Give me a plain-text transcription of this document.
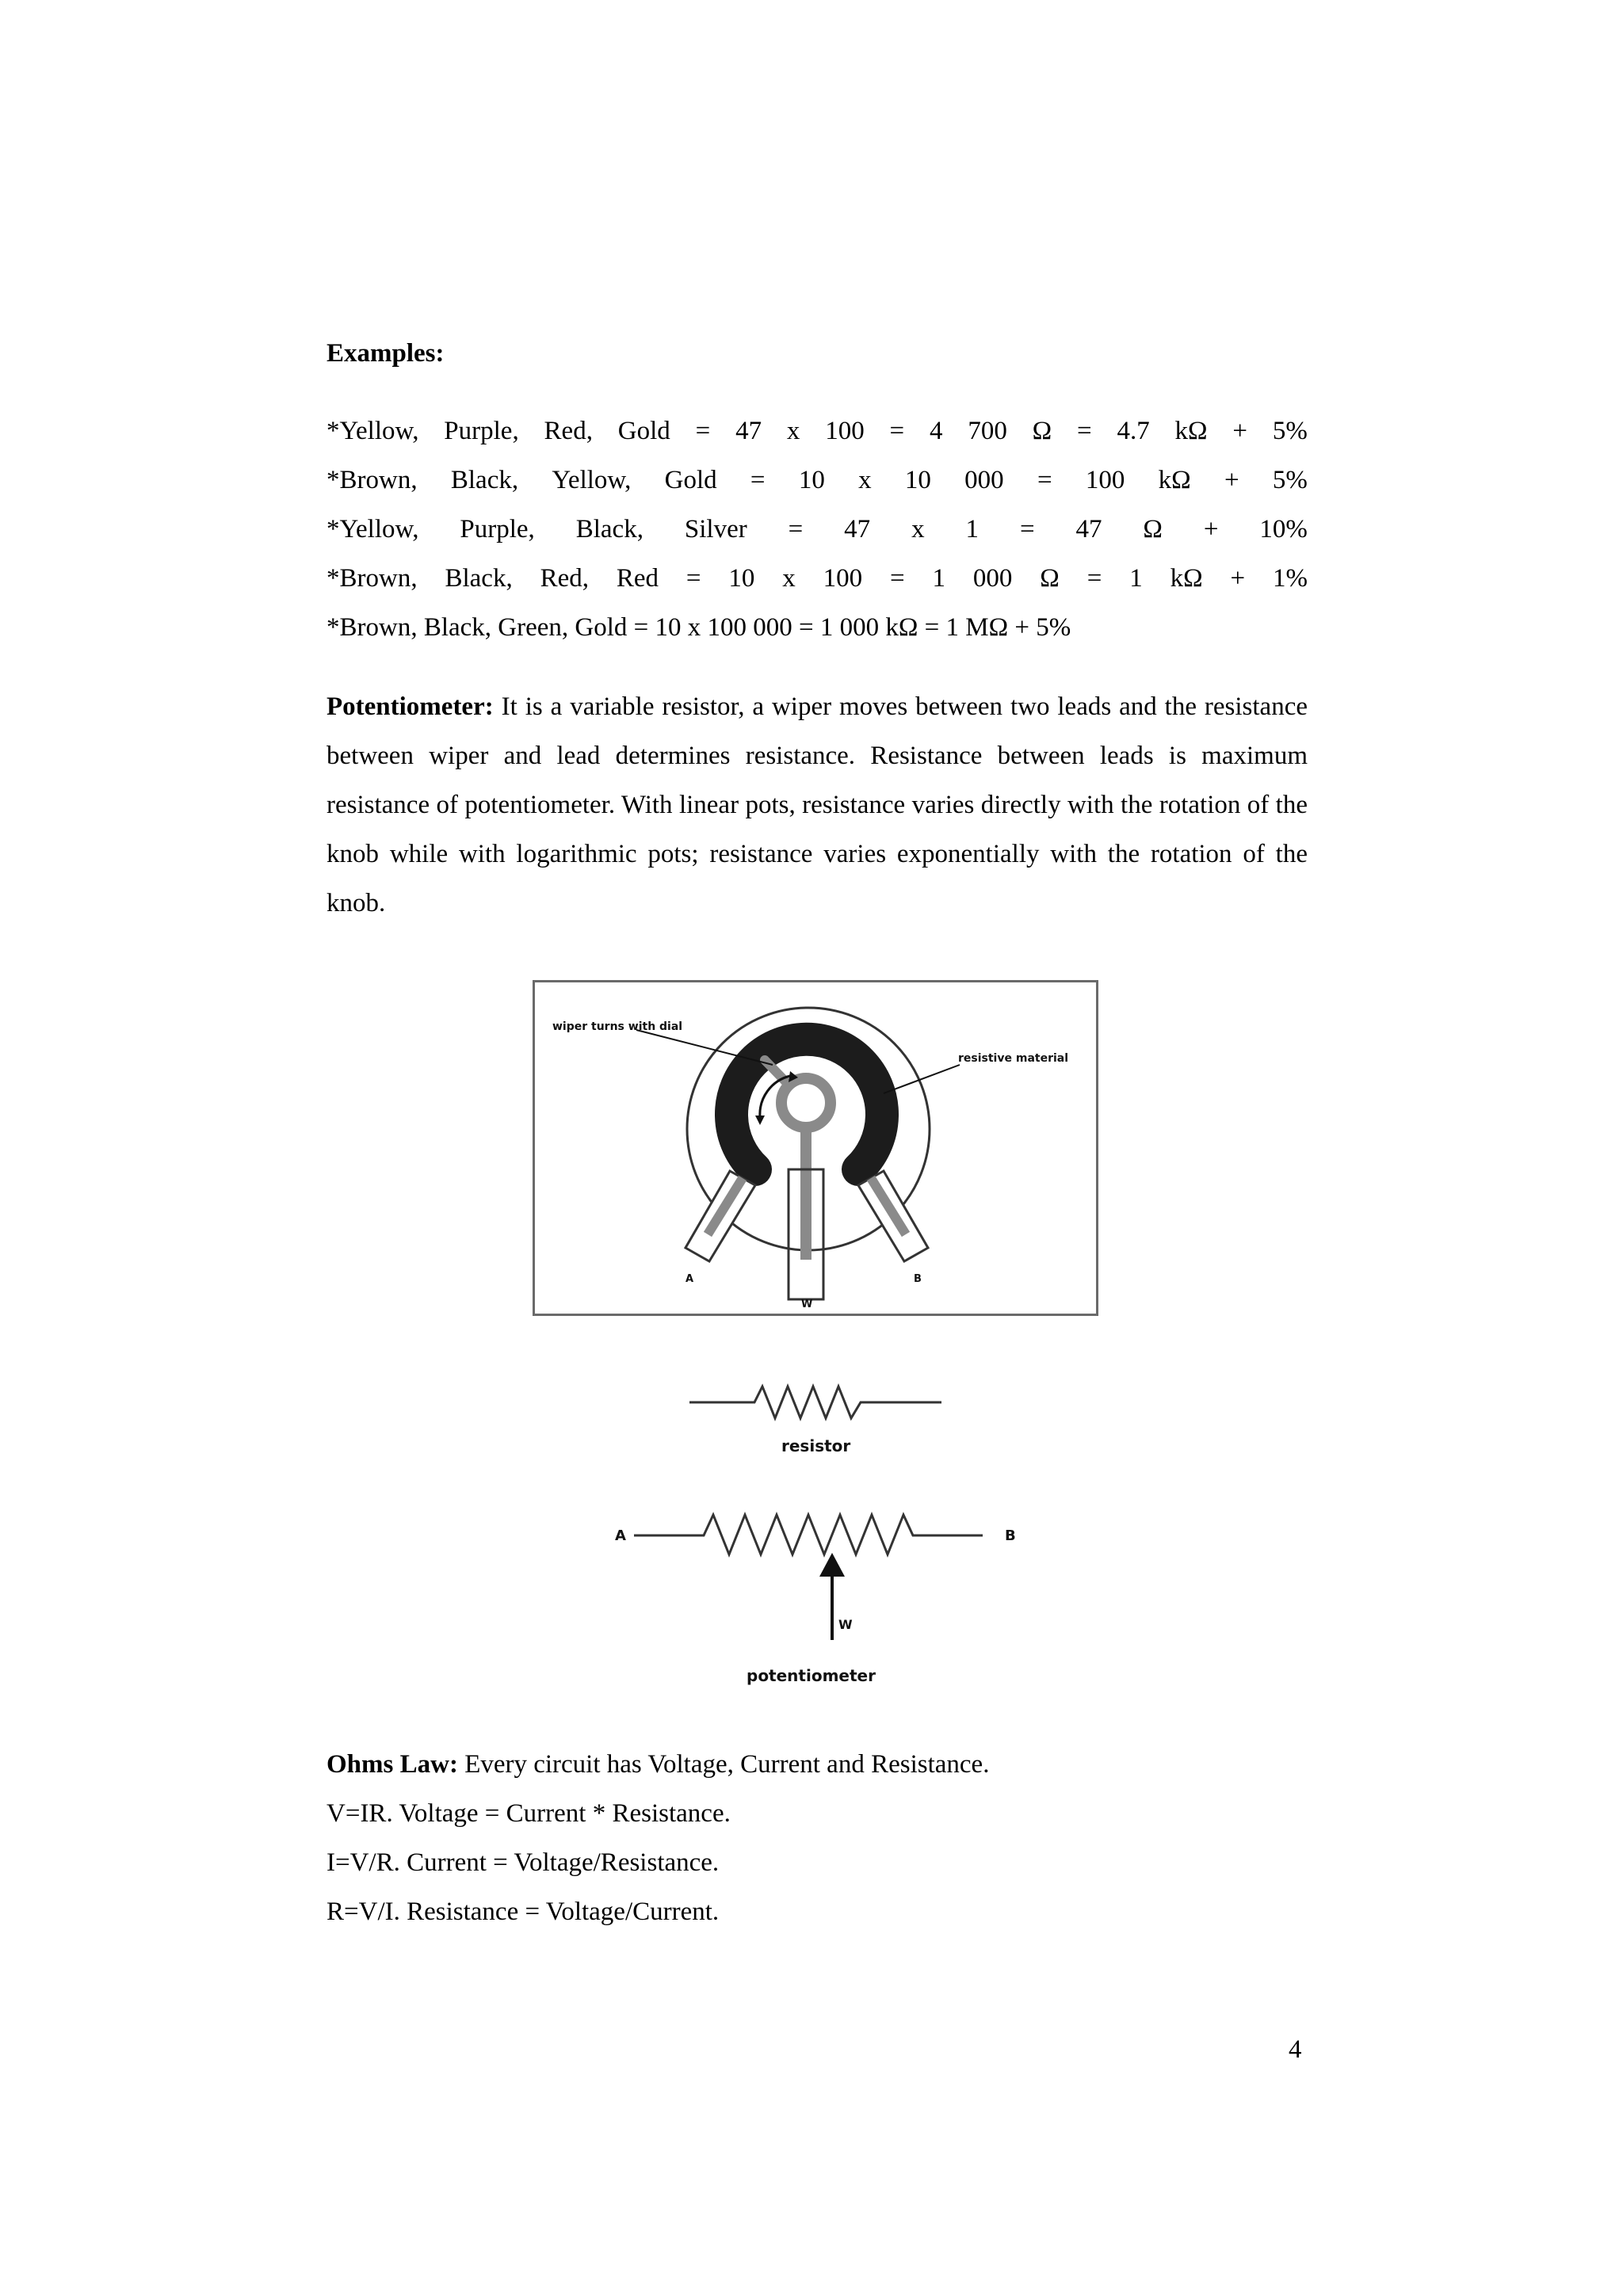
Examples:
*Yellow, Purple, Red, Gold = 47 x 100 = 4 700 Ω = 4.7 kΩ + 5%
*Brown, Black, Yellow, Gold = 10 x 10 000 = 100 kΩ + 5%
*Yellow, Purple, Black, Silver = 47 x 1 = 47 Ω + 10%
*Brown, Black, Red, Red = 10 x 100 = 1 000 Ω = 1 kΩ + 1%
*Brown, Black, Green, Gold = 10 x 100 000 = 1 000 kΩ = 1 MΩ + 5%

Potentiometer: It is a variable resistor, a wiper moves between two leads and the resistance between wiper and lead determines resistance. Resistance between leads is maximum resistance of potentiometer. With linear pots, resistance varies directly with the rotation of the knob while with logarithmic pots; resistance varies exponentially with the rotation of the knob.

wiper turns with dial
resistive material
A
W
B
resistor
A	B
W
potentiometer

Ohms Law: Every circuit has Voltage, Current and Resistance.

V=IR. Voltage = Current * Resistance.

I=V/R. Current = Voltage/Resistance.

R=V/I. Resistance = Voltage/Current.

4
